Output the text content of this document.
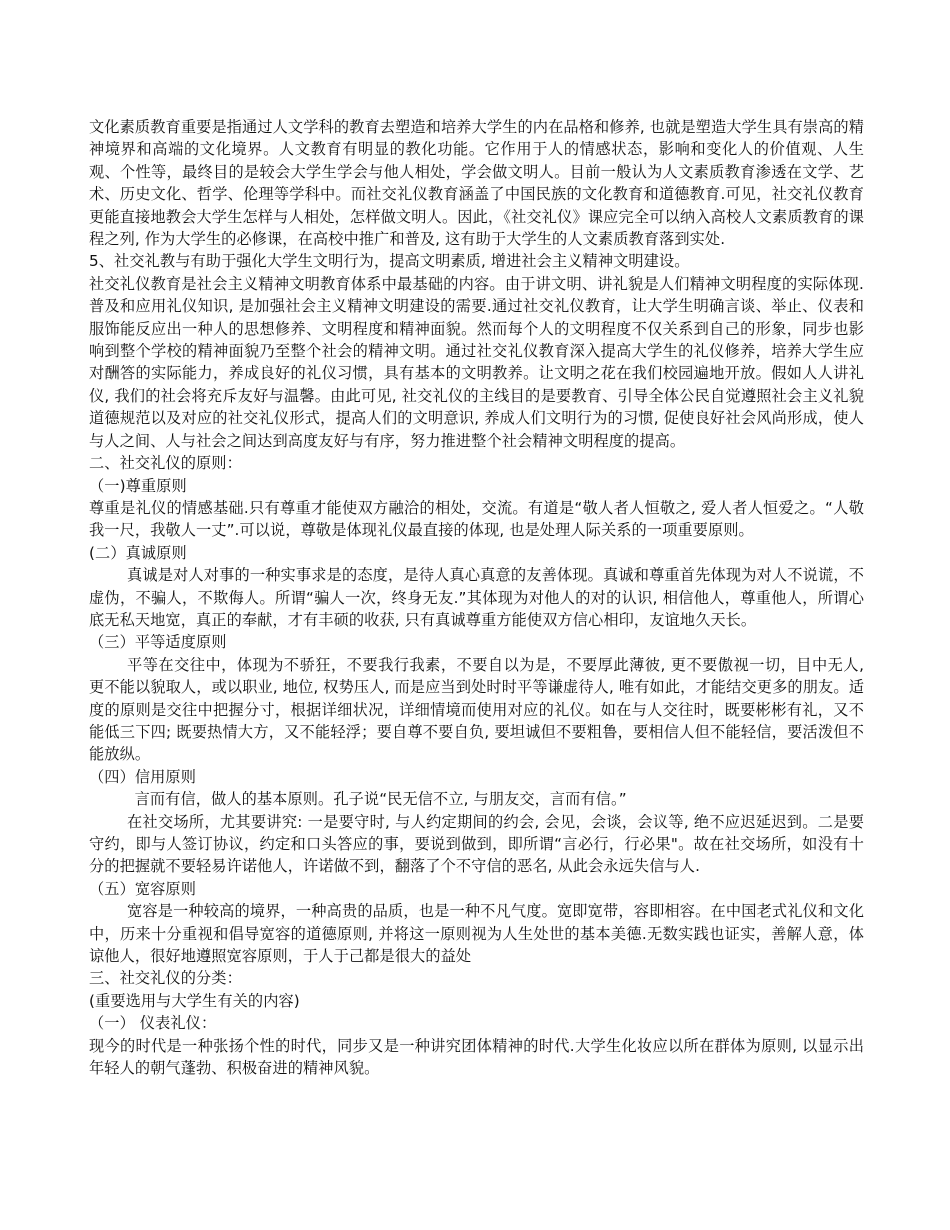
文化素质教育重要是指通过人文学科的教育去塑造和培养大学生的内在品格和修养, 也就是塑造大学生具有崇高的精神境界和高端的文化境界。人文教育有明显的教化功能。它作用于人的情感状态，影响和变化人的价值观、人生观、个性等，最终目的是较会大学生学会与他人相处，学会做文明人。目前一般认为人文素质教育渗透在文学、艺术、历史文化、哲学、伦理等学科中。而社交礼仪教育涵盖了中国民族的文化教育和道德教育.可见，社交礼仪教育更能直接地教会大学生怎样与人相处，怎样做文明人。因此，《社交礼仪》课应完全可以纳入高校人文素质教育的课程之列, 作为大学生的必修课，在高校中推广和普及, 这有助于大学生的人文素质教育落到实处.

5、社交礼教与有助于强化大学生文明行为，提高文明素质, 增进社会主义精神文明建设。

社交礼仪教育是社会主义精神文明教育体系中最基础的内容。由于讲文明、讲礼貌是人们精神文明程度的实际体现.普及和应用礼仪知识, 是加强社会主义精神文明建设的需要.通过社交礼仪教育，让大学生明确言谈、举止、仪表和服饰能反应出一种人的思想修养、文明程度和精神面貌。然而每个人的文明程度不仅关系到自己的形象，同步也影响到整个学校的精神面貌乃至整个社会的精神文明。通过社交礼仪教育深入提高大学生的礼仪修养，培养大学生应对酬答的实际能力，养成良好的礼仪习惯，具有基本的文明教养。让文明之花在我们校园遍地开放。假如人人讲礼仪, 我们的社会将充斥友好与温馨。由此可见, 社交礼仪的主线目的是要教育、引导全体公民自觉遵照社会主义礼貌道德规范以及对应的社交礼仪形式，提高人们的文明意识, 养成人们文明行为的习惯, 促使良好社会风尚形成，使人与人之间、人与社会之间达到高度友好与有序，努力推进整个社会精神文明程度的提高。

二、社交礼仪的原则：

（一)尊重原则

尊重是礼仪的情感基础.只有尊重才能使双方融洽的相处，交流。有道是“敬人者人恒敬之, 爱人者人恒爱之。“人敬我一尺，我敬人一丈”.可以说，尊敬是体现礼仪最直接的体现, 也是处理人际关系的一项重要原则。

(二）真诚原则

真诚是对人对事的一种实事求是的态度，是待人真心真意的友善体现。真诚和尊重首先体现为对人不说谎，不虚伪，不骗人，不欺侮人。所谓“骗人一次，终身无友.”其体现为对他人的对的认识, 相信他人，尊重他人，所谓心底无私天地宽，真正的奉献，才有丰硕的收获, 只有真诚尊重方能使双方信心相印，友谊地久天长。

（三）平等适度原则

平等在交往中，体现为不骄狂，不要我行我素，不要自以为是，不要厚此薄彼, 更不要傲视一切，目中无人, 更不能以貌取人，或以职业, 地位, 权势压人, 而是应当到处时时平等谦虚待人, 唯有如此，才能结交更多的朋友。适度的原则是交往中把握分寸，根据详细状况，详细情境而使用对应的礼仪。如在与人交往时，既要彬彬有礼，又不能低三下四; 既要热情大方，又不能轻浮；要自尊不要自负, 要坦诚但不要粗鲁，要相信人但不能轻信，要活泼但不能放纵。

（四）信用原则

言而有信，做人的基本原则。孔子说“民无信不立, 与朋友交，言而有信。”

在社交场所，尤其要讲究: 一是要守时, 与人约定期间的约会, 会见，会谈，会议等, 绝不应迟延迟到。二是要守约，即与人签订协议，约定和口头答应的事，要说到做到，即所谓“言必行，行必果"。故在社交场所，如没有十分的把握就不要轻易许诺他人，许诺做不到，翻落了个不守信的恶名, 从此会永远失信与人.

（五）宽容原则

宽容是一种较高的境界，一种高贵的品质，也是一种不凡气度。宽即宽带，容即相容。在中国老式礼仪和文化中，历来十分重视和倡导宽容的道德原则, 并将这一原则视为人生处世的基本美德.无数实践也证实，善解人意，体谅他人，很好地遵照宽容原则，于人于己都是很大的益处

三、社交礼仪的分类：

(重要选用与大学生有关的内容)

（一） 仪表礼仪：

现今的时代是一种张扬个性的时代，同步又是一种讲究团体精神的时代.大学生化妆应以所在群体为原则, 以显示出年轻人的朝气蓬勃、积极奋进的精神风貌。
